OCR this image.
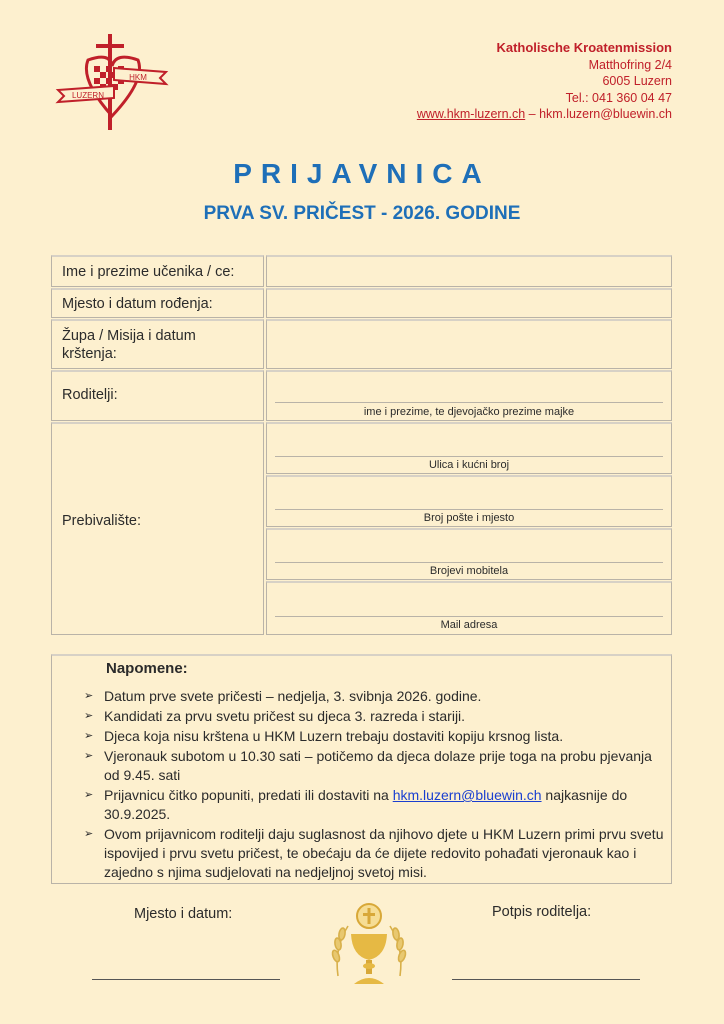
HKM
LUZERN
Katholische Kroatenmission
Matthofring 2/4
6005 Luzern
Tel.: 041 360 04 47
www.hkm-luzern.ch – hkm.luzern@bluewin.ch
PRIJAVNICA
PRVA SV. PRIČEST - 2026. GODINE
Ime i prezime učenika / ce:
Mjesto i datum rođenja:
Župa / Misija i datum krštenja:
Roditelji:
ime i prezime, te djevojačko prezime majke
Prebivalište:
Ulica i kućni broj
Broj pošte i mjesto
Brojevi mobitela
Mail adresa
Napomene:
➢ Datum prve svete pričesti – nedjelja, 3. svibnja 2026. godine.
➢ Kandidati za prvu svetu pričest su djeca 3. razreda i stariji.
➢ Djeca koja nisu krštena u HKM Luzern trebaju dostaviti kopiju krsnog lista.
➢ Vjeronauk subotom u 10.30 sati – potičemo da djeca dolaze prije toga na probu pjevanja od 9.45. sati
➢ Prijavnicu čitko popuniti, predati ili dostaviti na hkm.luzern@bluewin.ch najkasnije do 30.9.2025.
➢ Ovom prijavnicom roditelji daju suglasnost da njihovo djete u HKM Luzern primi prvu svetu ispovijed i prvu svetu pričest, te obećaju da će dijete redovito pohađati vjeronauk kao i zajedno s njima sudjelovati na nedjeljnoj svetoj misi.
Mjesto i datum:	Potpis roditelja:
